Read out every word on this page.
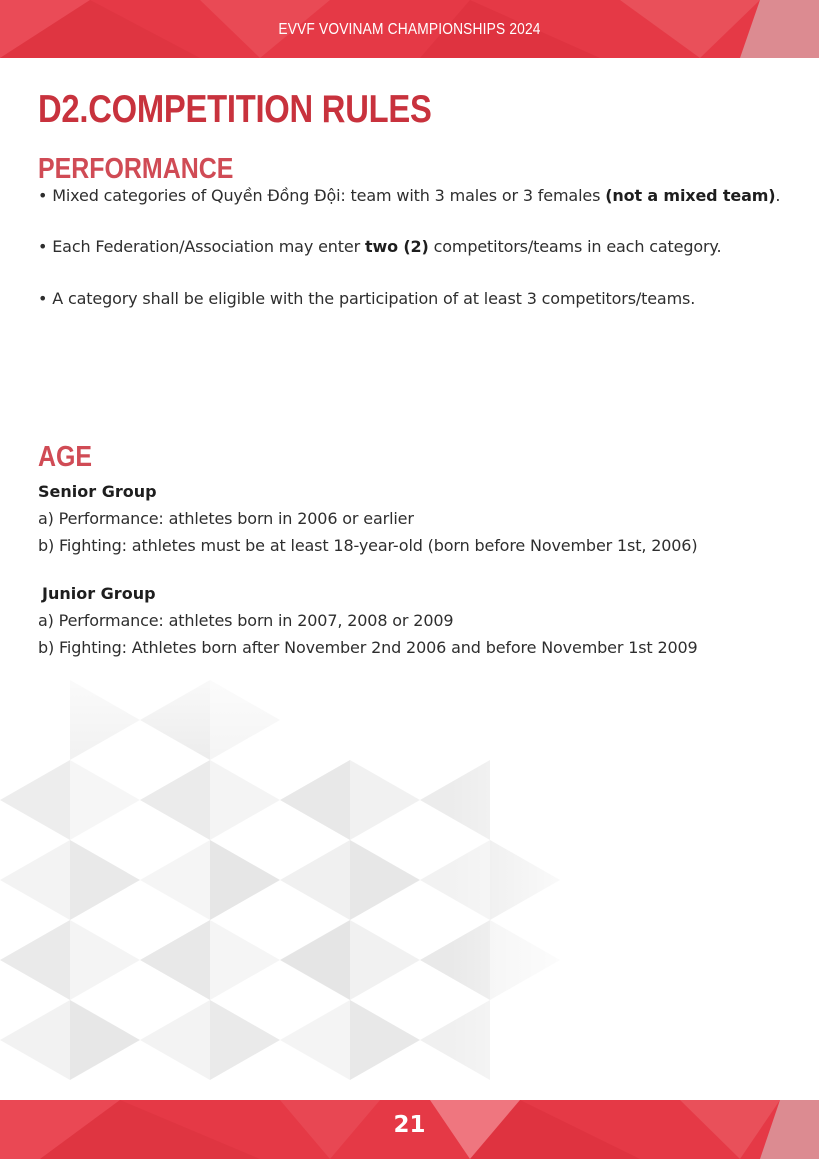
EVVF VOVINAM CHAMPIONSHIPS 2024
D2.COMPETITION RULES
PERFORMANCE
• Mixed categories of Quyền Đồng Đội: team with 3 males or 3 females (not a mixed team).
• Each Federation/Association may enter two (2) competitors/teams in each category.
• A category shall be eligible with the participation of at least 3 competitors/teams.
AGE
Senior Group
a) Performance: athletes born in 2006 or earlier
b) Fighting: athletes must be at least 18-year-old (born before November 1st, 2006)
Junior Group
a) Performance: athletes born in 2007, 2008 or 2009
b) Fighting: Athletes born after November 2nd 2006 and before November 1st 2009
21
